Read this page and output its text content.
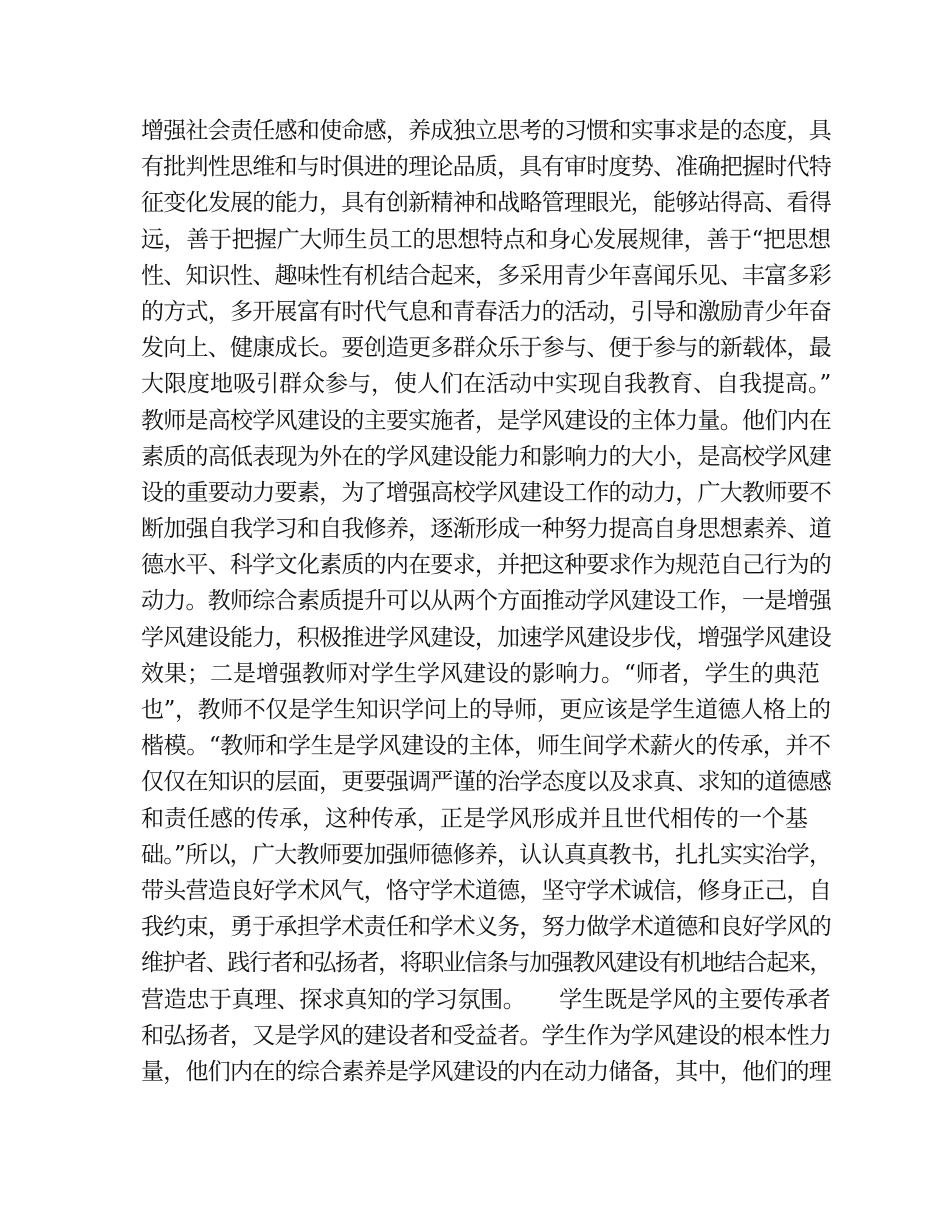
增强社会责任感和使命感，养成独立思考的习惯和实事求是的态度，具
有批判性思维和与时俱进的理论品质，具有审时度势、准确把握时代特
征变化发展的能力，具有创新精神和战略管理眼光，能够站得高、看得
远，善于把握广大师生员工的思想特点和身心发展规律，善于“把思想
性、知识性、趣味性有机结合起来，多采用青少年喜闻乐见、丰富多彩
的方式，多开展富有时代气息和青春活力的活动，引导和激励青少年奋
发向上、健康成长。要创造更多群众乐于参与、便于参与的新载体，最
大限度地吸引群众参与，使人们在活动中实现自我教育、自我提高。”
教师是高校学风建设的主要实施者，是学风建设的主体力量。他们内在
素质的高低表现为外在的学风建设能力和影响力的大小，是高校学风建
设的重要动力要素，为了增强高校学风建设工作的动力，广大教师要不
断加强自我学习和自我修养，逐渐形成一种努力提高自身思想素养、道
德水平、科学文化素质的内在要求，并把这种要求作为规范自己行为的
动力。教师综合素质提升可以从两个方面推动学风建设工作，一是增强
学风建设能力，积极推进学风建设，加速学风建设步伐，增强学风建设
效果；二是增强教师对学生学风建设的影响力。“师者，学生的典范
也”，教师不仅是学生知识学问上的导师，更应该是学生道德人格上的
楷模。“教师和学生是学风建设的主体，师生间学术薪火的传承，并不
仅仅在知识的层面，更要强调严谨的治学态度以及求真、求知的道德感
和责任感的传承，这种传承，正是学风形成并且世代相传的一个基
础。”所以，广大教师要加强师德修养，认认真真教书，扎扎实实治学，
带头营造良好学术风气，恪守学术道德，坚守学术诚信，修身正己，自
我约束，勇于承担学术责任和学术义务，努力做学术道德和良好学风的
维护者、践行者和弘扬者，将职业信条与加强教风建设有机地结合起来，
营造忠于真理、探求真知的学习氛围。　　学生既是学风的主要传承者
和弘扬者，又是学风的建设者和受益者。学生作为学风建设的根本性力
量，他们内在的综合素养是学风建设的内在动力储备，其中，他们的理
